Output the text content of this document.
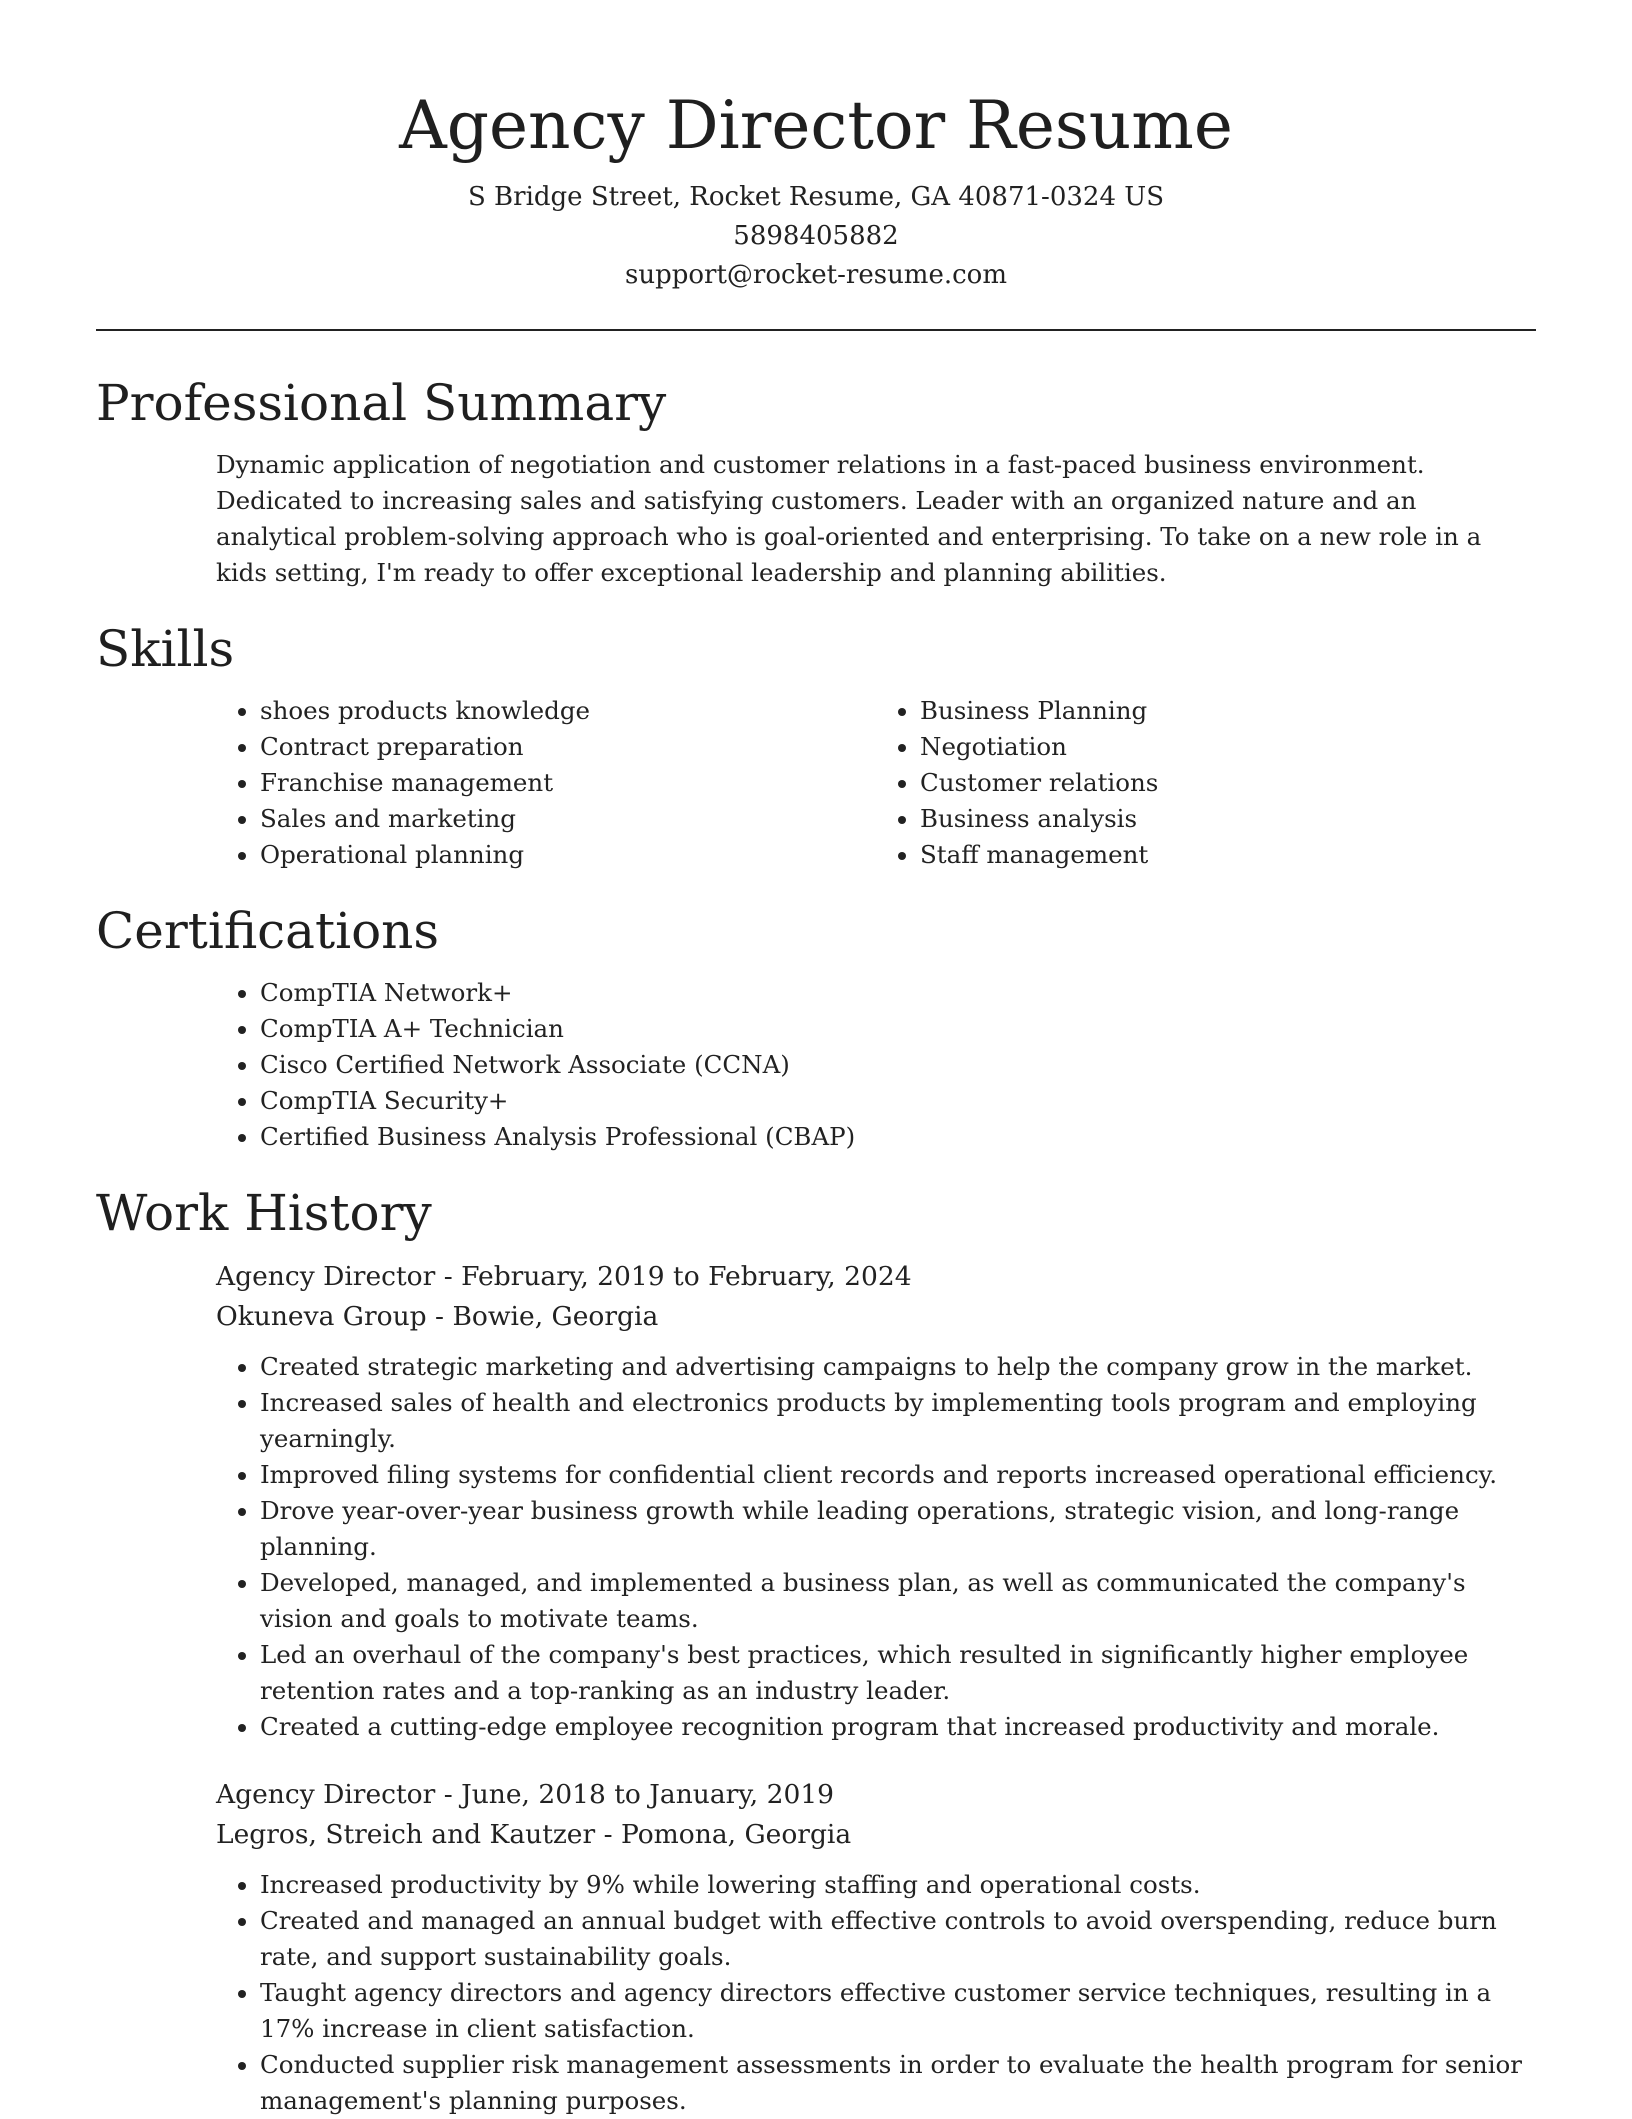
Agency Director Resume
S Bridge Street, Rocket Resume, GA 40871-0324 US
5898405882
support@rocket-resume.com
Professional Summary
Dynamic application of negotiation and customer relations in a fast-paced business environment. Dedicated to increasing sales and satisfying customers. Leader with an organized nature and an analytical problem-solving approach who is goal-oriented and enterprising. To take on a new role in a kids setting, I'm ready to offer exceptional leadership and planning abilities.
Skills
• shoes products knowledge
• Contract preparation
• Franchise management
• Sales and marketing
• Operational planning
• Business Planning
• Negotiation
• Customer relations
• Business analysis
• Staff management
Certifications
• CompTIA Network+
• CompTIA A+ Technician
• Cisco Certified Network Associate (CCNA)
• CompTIA Security+
• Certified Business Analysis Professional (CBAP)
Work History
Agency Director - February, 2019 to February, 2024
Okuneva Group - Bowie, Georgia
• Created strategic marketing and advertising campaigns to help the company grow in the market.
• Increased sales of health and electronics products by implementing tools program and employing yearningly.
• Improved filing systems for confidential client records and reports increased operational efficiency.
• Drove year-over-year business growth while leading operations, strategic vision, and long-range planning.
• Developed, managed, and implemented a business plan, as well as communicated the company's vision and goals to motivate teams.
• Led an overhaul of the company's best practices, which resulted in significantly higher employee retention rates and a top-ranking as an industry leader.
• Created a cutting-edge employee recognition program that increased productivity and morale.
Agency Director - June, 2018 to January, 2019
Legros, Streich and Kautzer - Pomona, Georgia
• Increased productivity by 9% while lowering staffing and operational costs.
• Created and managed an annual budget with effective controls to avoid overspending, reduce burn rate, and support sustainability goals.
• Taught agency directors and agency directors effective customer service techniques, resulting in a 17% increase in client satisfaction.
• Conducted supplier risk management assessments in order to evaluate the health program for senior management's planning purposes.
